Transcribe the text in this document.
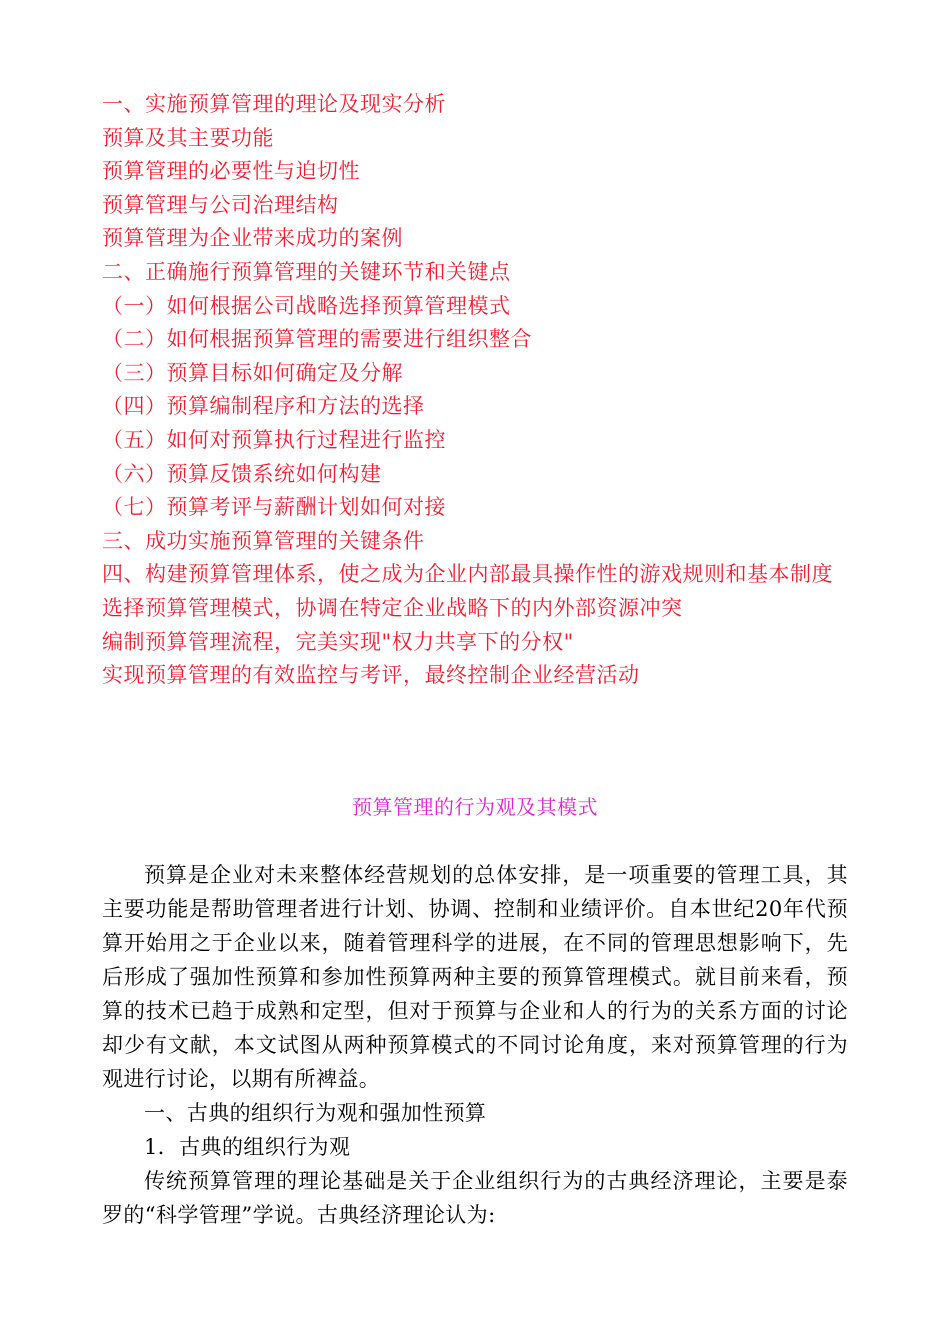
一、实施预算管理的理论及现实分析
预算及其主要功能
预算管理的必要性与迫切性
预算管理与公司治理结构
预算管理为企业带来成功的案例
二、正确施行预算管理的关键环节和关键点
（一）如何根据公司战略选择预算管理模式
（二）如何根据预算管理的需要进行组织整合
（三）预算目标如何确定及分解
（四）预算编制程序和方法的选择
（五）如何对预算执行过程进行监控
（六）预算反馈系统如何构建
（七）预算考评与薪酬计划如何对接
三、成功实施预算管理的关键条件
四、构建预算管理体系，使之成为企业内部最具操作性的游戏规则和基本制度
选择预算管理模式，协调在特定企业战略下的内外部资源冲突
编制预算管理流程，完美实现"权力共享下的分权"
实现预算管理的有效监控与考评，最终控制企业经营活动
预算管理的行为观及其模式

预算是企业对未来整体经营规划的总体安排，是一项重要的管理工具，其主要功能是帮助管理者进行计划、协调、控制和业绩评价。自本世纪20年代预算开始用之于企业以来，随着管理科学的进展，在不同的管理思想影响下，先后形成了强加性预算和参加性预算两种主要的预算管理模式。就目前来看，预算的技术已趋于成熟和定型，但对于预算与企业和人的行为的关系方面的讨论却少有文献，本文试图从两种预算模式的不同讨论角度，来对预算管理的行为观进行讨论，以期有所裨益。

一、古典的组织行为观和强加性预算

1．古典的组织行为观

传统预算管理的理论基础是关于企业组织行为的古典经济理论，主要是泰罗的“科学管理”学说。古典经济理论认为:
